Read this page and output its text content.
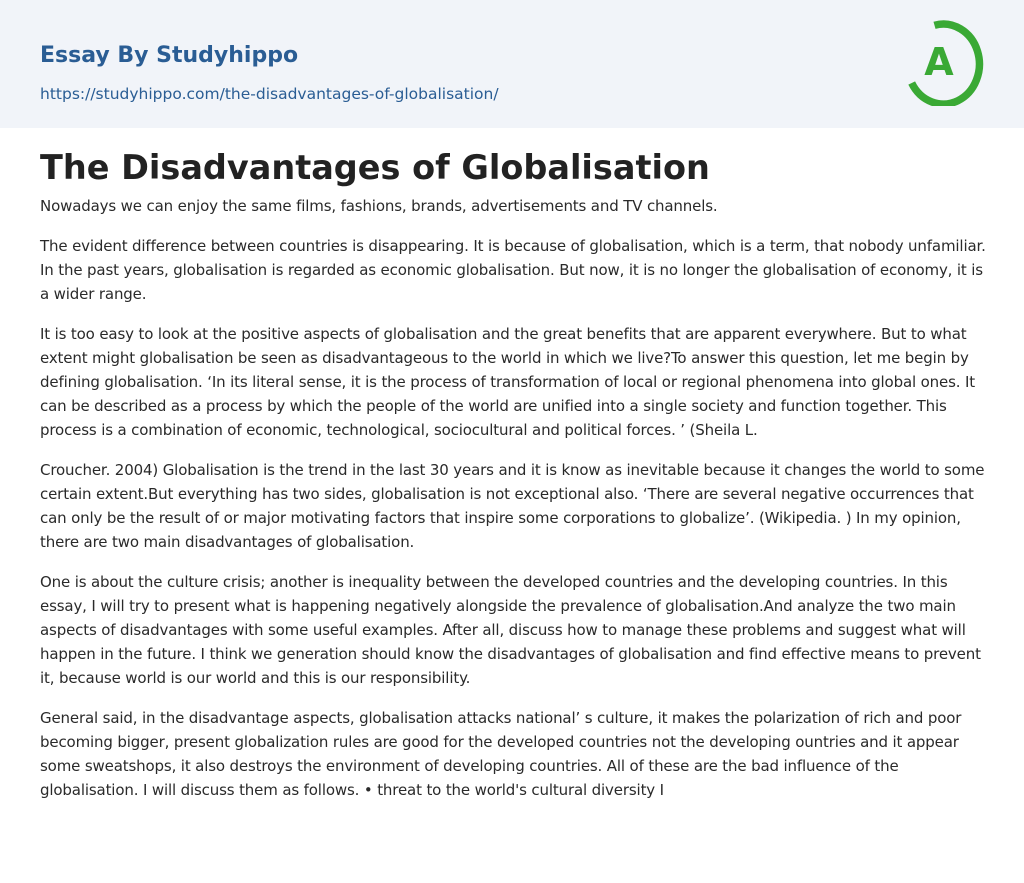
Essay By Studyhippo
https://studyhippo.com/the-disadvantages-of-globalisation/
A
The Disadvantages of Globalisation

Nowadays we can enjoy the same films, fashions, brands, advertisements and TV channels.

The evident difference between countries is disappearing. It is because of globalisation, which is a term, that nobody unfamiliar. In the past years, globalisation is regarded as economic globalisation. But now, it is no longer the globalisation of economy, it is a wider range.

It is too easy to look at the positive aspects of globalisation and the great benefits that are apparent everywhere. But to what extent might globalisation be seen as disadvantageous to the world in which we live?To answer this question, let me begin by defining globalisation. ‘In its literal sense, it is the process of transformation of local or regional phenomena into global ones. It can be described as a process by which the people of the world are unified into a single society and function together. This process is a combination of economic, technological, sociocultural and political forces. ’ (Sheila L.

Croucher. 2004) Globalisation is the trend in the last 30 years and it is know as inevitable because it changes the world to some certain extent.But everything has two sides, globalisation is not exceptional also. ‘There are several negative occurrences that can only be the result of or major motivating factors that inspire some corporations to globalize’. (Wikipedia. ) In my opinion, there are two main disadvantages of globalisation.

One is about the culture crisis; another is inequality between the developed countries and the developing countries. In this essay, I will try to present what is happening negatively alongside the prevalence of globalisation.And analyze the two main aspects of disadvantages with some useful examples. After all, discuss how to manage these problems and suggest what will happen in the future. I think we generation should know the disadvantages of globalisation and find effective means to prevent it, because world is our world and this is our responsibility.

General said, in the disadvantage aspects, globalisation attacks national’ s culture, it makes the polarization of rich and poor becoming bigger, present globalization rules are good for the developed countries not the developing ountries and it appear some sweatshops, it also destroys the environment of developing countries. All of these are the bad influence of the globalisation. I will discuss them as follows. • threat to the world's cultural diversity I
